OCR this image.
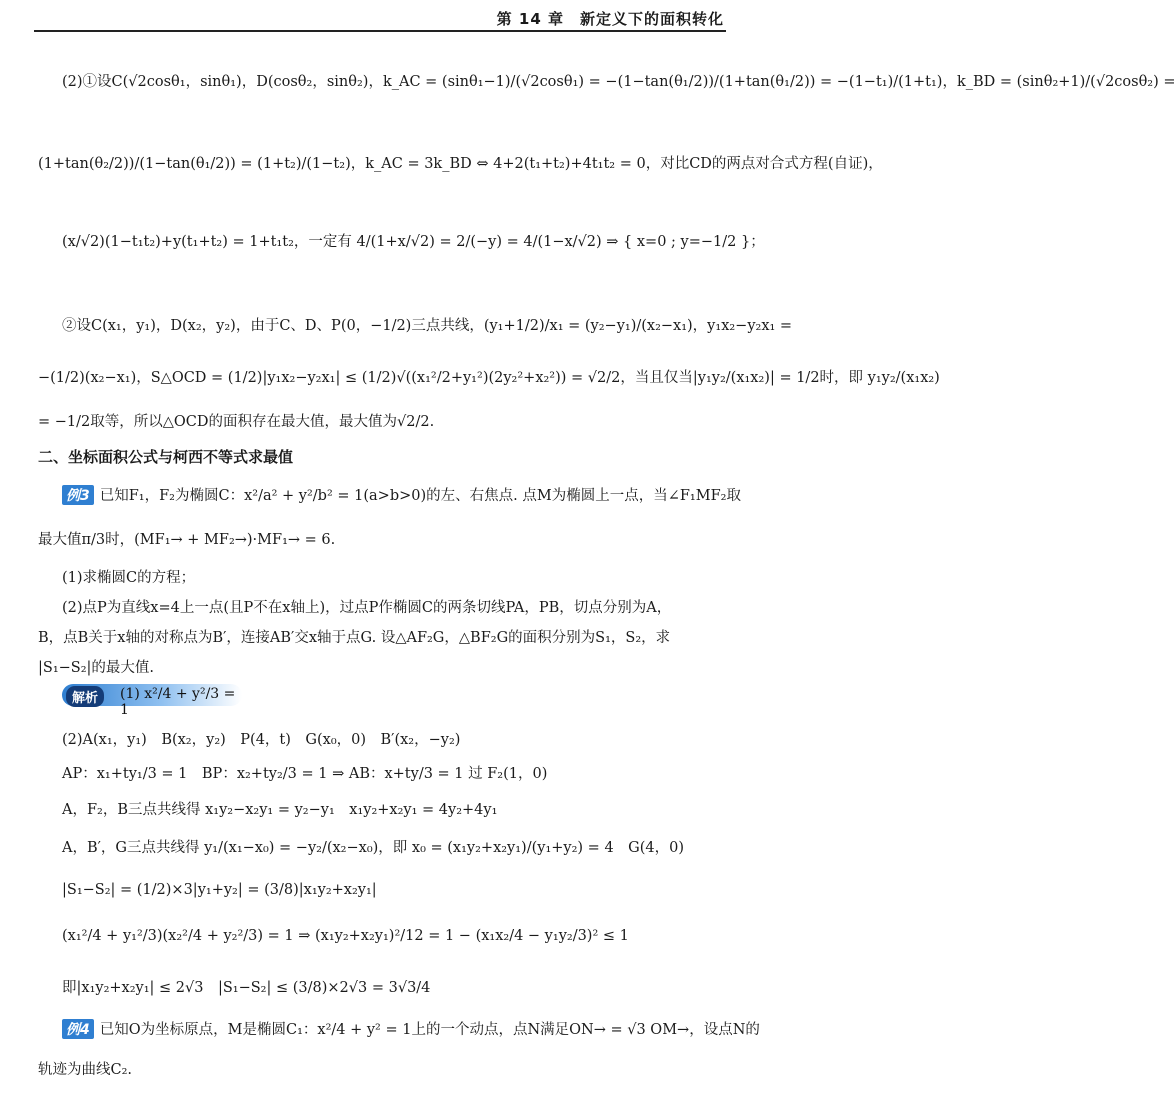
第 14 章　新定义下的面积转化
(2)①设C(√2cosθ₁，sinθ₁)，D(cosθ₂，sinθ₂)，k_AC = (sinθ₁−1)/(√2cosθ₁) = −(1−tan(θ₁/2))/(1+tan(θ₁/2)) = −(1−t₁)/(1+t₁)，k_BD = (sinθ₂+1)/(√2cosθ₂) =
(1+tan(θ₂/2))/(1−tan(θ₁/2)) = (1+t₂)/(1−t₂)，k_AC = 3k_BD ⇔ 4+2(t₁+t₂)+4t₁t₂ = 0，对比CD的两点对合式方程(自证)，
(x/√2)(1−t₁t₂)+y(t₁+t₂) = 1+t₁t₂，一定有 4/(1+x/√2) = 2/(−y) = 4/(1−x/√2) ⇒ { x=0 ; y=−1/2 }；
②设C(x₁，y₁)，D(x₂，y₂)，由于C、D、P(0，−1/2)三点共线，(y₁+1/2)/x₁ = (y₂−y₁)/(x₂−x₁)，y₁x₂−y₂x₁ =
−(1/2)(x₂−x₁)，S△OCD = (1/2)|y₁x₂−y₂x₁| ≤ (1/2)√((x₁²/2+y₁²)(2y₂²+x₂²)) = √2/2，当且仅当|y₁y₂/(x₁x₂)| = 1/2时，即 y₁y₂/(x₁x₂)
= −1/2取等，所以△OCD的面积存在最大值，最大值为√2/2.
二、坐标面积公式与柯西不等式求最值
例3 已知F₁，F₂为椭圆C：x²/a² + y²/b² = 1(a>b>0)的左、右焦点. 点M为椭圆上一点，当∠F₁MF₂取
最大值π/3时，(MF₁→ + MF₂→)·MF₁→ = 6.
(1)求椭圆C的方程；
(2)点P为直线x=4上一点(且P不在x轴上)，过点P作椭圆C的两条切线PA，PB，切点分别为A，
B，点B关于x轴的对称点为B′，连接AB′交x轴于点G. 设△AF₂G，△BF₂G的面积分别为S₁，S₂，求
|S₁−S₂|的最大值.
解析	(1) x²/4 + y²/3 = 1
(2)A(x₁，y₁)　B(x₂，y₂)　P(4，t)　G(x₀，0)　B′(x₂，−y₂)
AP：x₁+ty₁/3 = 1　BP：x₂+ty₂/3 = 1 ⇒ AB：x+ty/3 = 1 过 F₂(1，0)
A，F₂，B三点共线得 x₁y₂−x₂y₁ = y₂−y₁　x₁y₂+x₂y₁ = 4y₂+4y₁
A，B′，G三点共线得 y₁/(x₁−x₀) = −y₂/(x₂−x₀)，即 x₀ = (x₁y₂+x₂y₁)/(y₁+y₂) = 4　G(4，0)
|S₁−S₂| = (1/2)×3|y₁+y₂| = (3/8)|x₁y₂+x₂y₁|
(x₁²/4 + y₁²/3)(x₂²/4 + y₂²/3) = 1 ⇒ (x₁y₂+x₂y₁)²/12 = 1 − (x₁x₂/4 − y₁y₂/3)² ≤ 1
即|x₁y₂+x₂y₁| ≤ 2√3　|S₁−S₂| ≤ (3/8)×2√3 = 3√3/4
例4 已知O为坐标原点，M是椭圆C₁：x²/4 + y² = 1上的一个动点，点N满足ON→ = √3 OM→，设点N的
轨迹为曲线C₂.
